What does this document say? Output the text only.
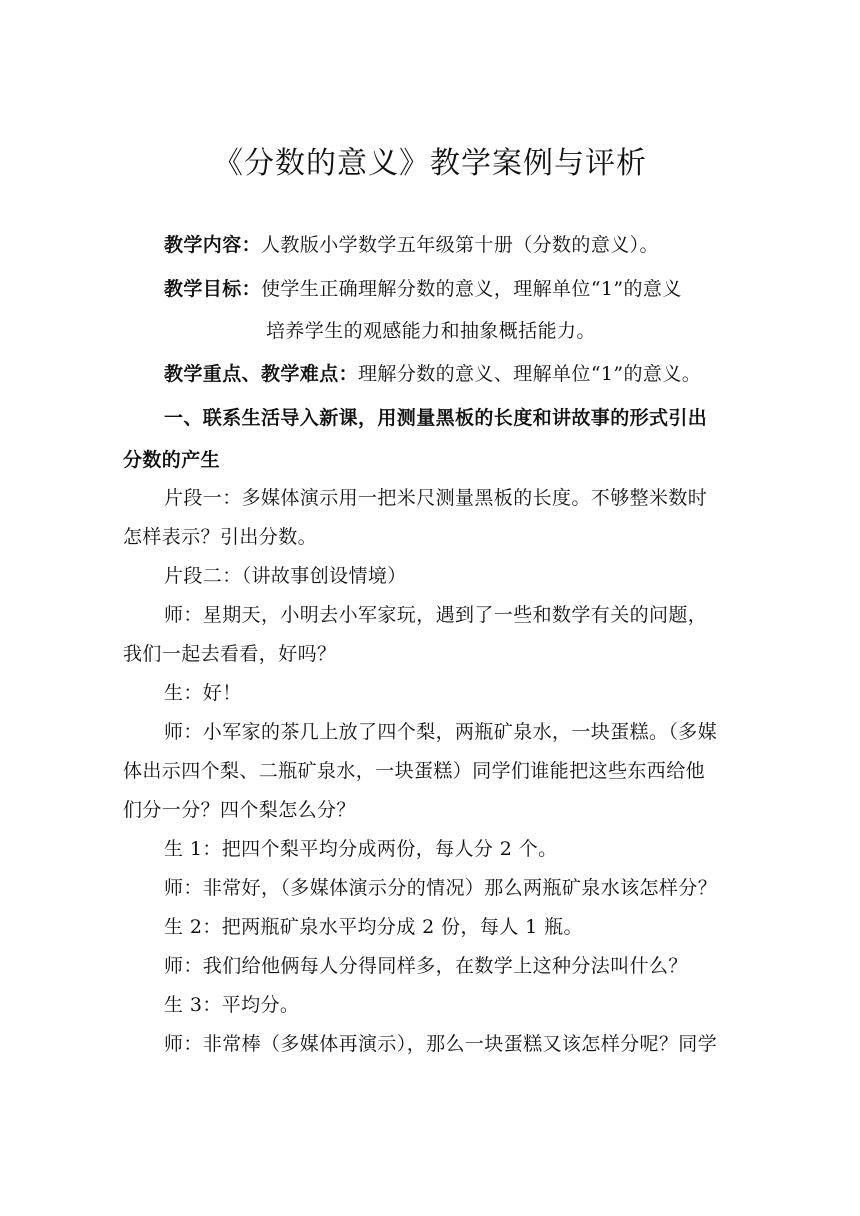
《分数的意义》教学案例与评析
教学内容：人教版小学数学五年级第十册（分数的意义）。
教学目标：使学生正确理解分数的意义，理解单位“1”的意义
培养学生的观感能力和抽象概括能力。
教学重点、教学难点：理解分数的意义、理解单位“1”的意义。
一、联系生活导入新课，用测量黑板的长度和讲故事的形式引出
分数的产生
片段一：多媒体演示用一把米尺测量黑板的长度。不够整米数时
怎样表示？引出分数。
片段二：（讲故事创设情境）
师：星期天，小明去小军家玩，遇到了一些和数学有关的问题，
我们一起去看看，好吗？
生：好！
师：小军家的茶几上放了四个梨，两瓶矿泉水，一块蛋糕。（多媒
体出示四个梨、二瓶矿泉水，一块蛋糕）同学们谁能把这些东西给他
们分一分？四个梨怎么分？
生 1：把四个梨平均分成两份，每人分 2 个。
师：非常好，（多媒体演示分的情况）那么两瓶矿泉水该怎样分？
生 2：把两瓶矿泉水平均分成 2 份，每人 1 瓶。
师：我们给他俩每人分得同样多，在数学上这种分法叫什么？
生 3：平均分。
师：非常棒（多媒体再演示），那么一块蛋糕又该怎样分呢？同学
